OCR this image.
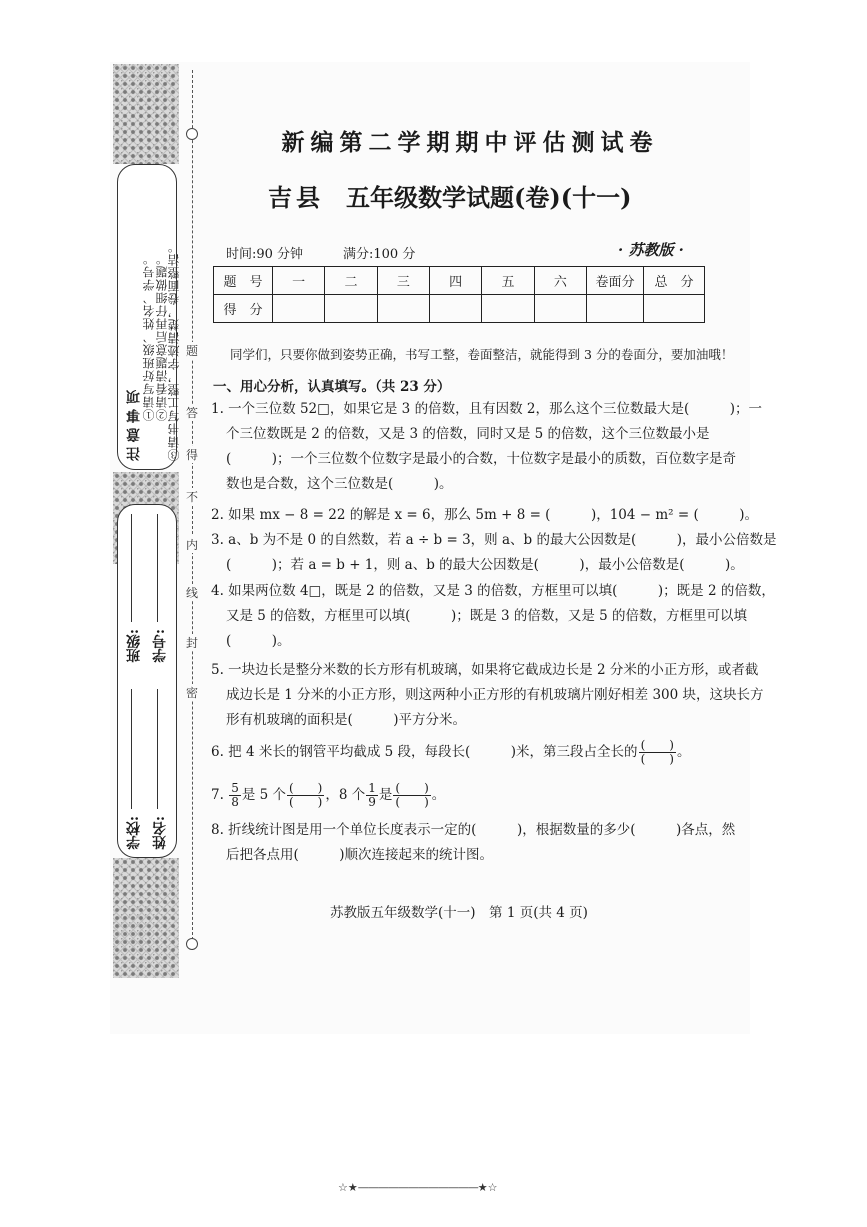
注意事项
①请写好班级、姓名、学号。 ②请看清题意后再仔细做题。
③请书写工整，字迹清楚，卷面整洁。
学校: 姓名:
班级: 学号:
题
答
得
不
内
线
封
密
新编第二学期期中评估测试卷
吉县 五年级数学试题(卷)(十一)
时间:90 分钟	满分:100 分	· 苏教版 ·
题　号	一	二	三	四	五	六	卷面分	总　分
得　分								
同学们，只要你做到姿势正确，书写工整，卷面整洁，就能得到 3 分的卷面分，要加油哦！
一、用心分析，认真填写。（共 23 分）
1. 一个三位数 52□，如果它是 3 的倍数，且有因数 2，那么这个三位数最大是(　　　)；一
个三位数既是 2 的倍数，又是 3 的倍数，同时又是 5 的倍数，这个三位数最小是
(　　　)；一个三位数个位数字是最小的合数，十位数字是最小的质数，百位数字是奇
数也是合数，这个三位数是(　　　)。
2. 如果 mx − 8 = 22 的解是 x = 6，那么 5m + 8 = (　　　)，104 − m² = (　　　)。
3. a、b 为不是 0 的自然数，若 a ÷ b = 3，则 a、b 的最大公因数是(　　　)，最小公倍数是
(　　　)；若 a = b + 1，则 a、b 的最大公因数是(　　　)，最小公倍数是(　　　)。
4. 如果两位数 4□，既是 2 的倍数，又是 3 的倍数，方框里可以填(　　　)；既是 2 的倍数，
又是 5 的倍数，方框里可以填(　　　)；既是 3 的倍数，又是 5 的倍数，方框里可以填
(　　　)。
5. 一块边长是整分米数的长方形有机玻璃，如果将它截成边长是 2 分米的小正方形，或者截
成边长是 1 分米的小正方形，则这两种小正方形的有机玻璃片刚好相差 300 块，这块长方
形有机玻璃的面积是(　　　)平方分米。
6. 把 4 米长的钢管平均截成 5 段，每段长(　　　)米，第三段占全长的 $\frac{( )}{( )}$ 。
7. $\frac{5}{8}$ 是 5 个 $\frac{( )}{( )}$ ，8 个 $\frac{1}{9}$ 是 $\frac{( )}{( )}$ 。
8. 折线统计图是用一个单位长度表示一定的(　　　)，根据数量的多少(　　　)各点，然
后把各点用(　　　)顺次连接起来的统计图。
苏教版五年级数学(十一)　第 1 页(共 4 页)
☆★————————————★☆
